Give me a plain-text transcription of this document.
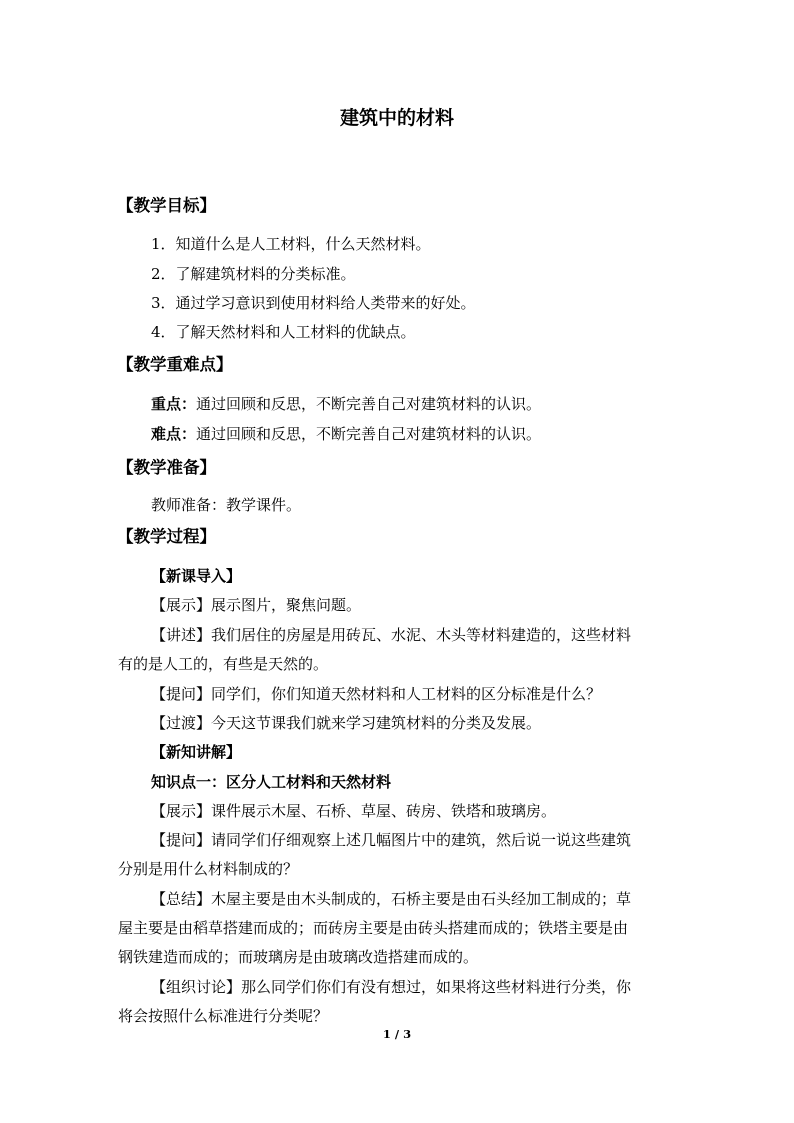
建筑中的材料
【教学目标】
1．知道什么是人工材料，什么天然材料。
2．了解建筑材料的分类标准。
3．通过学习意识到使用材料给人类带来的好处。
4．了解天然材料和人工材料的优缺点。
【教学重难点】
重点：通过回顾和反思，不断完善自己对建筑材料的认识。
难点：通过回顾和反思，不断完善自己对建筑材料的认识。
【教学准备】
教师准备：教学课件。
【教学过程】
【新课导入】
【展示】展示图片，聚焦问题。
【讲述】我们居住的房屋是用砖瓦、水泥、木头等材料建造的，这些材料
有的是人工的，有些是天然的。
【提问】同学们，你们知道天然材料和人工材料的区分标准是什么？
【过渡】今天这节课我们就来学习建筑材料的分类及发展。
【新知讲解】
知识点一：区分人工材料和天然材料
【展示】课件展示木屋、石桥、草屋、砖房、铁塔和玻璃房。
【提问】请同学们仔细观察上述几幅图片中的建筑，然后说一说这些建筑
分别是用什么材料制成的？
【总结】木屋主要是由木头制成的，石桥主要是由石头经加工制成的；草
屋主要是由稻草搭建而成的；而砖房主要是由砖头搭建而成的；铁塔主要是由
钢铁建造而成的；而玻璃房是由玻璃改造搭建而成的。
【组织讨论】那么同学们你们有没有想过，如果将这些材料进行分类，你
将会按照什么标准进行分类呢？
1 / 3
